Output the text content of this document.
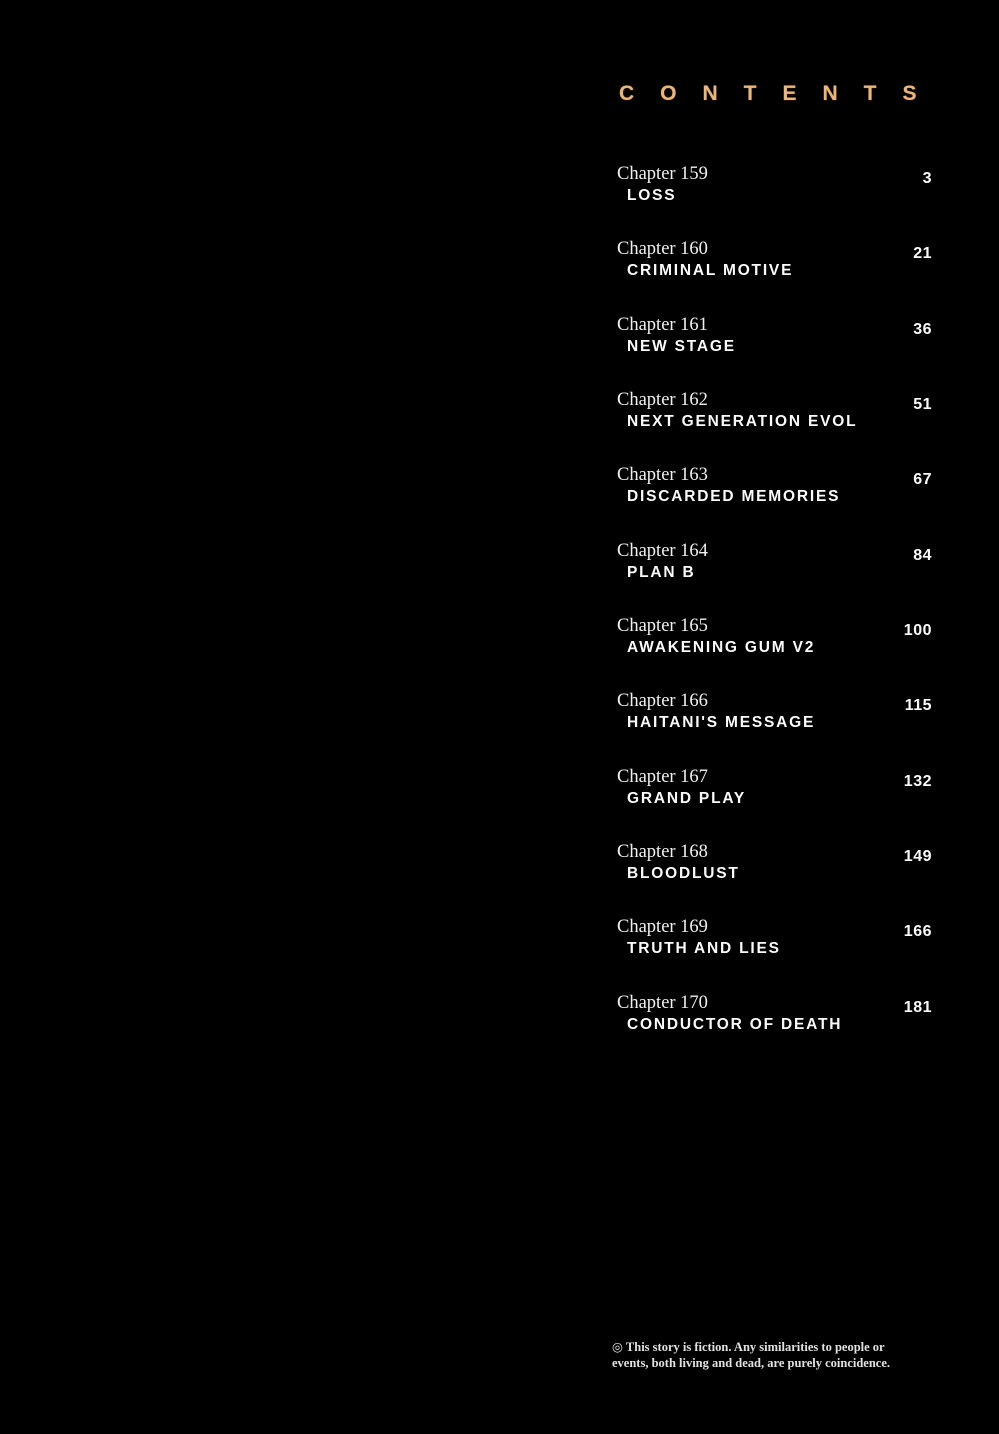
CONTENTS
Chapter 159
LOSS
3
Chapter 160
CRIMINAL MOTIVE
21
Chapter 161
NEW STAGE
36
Chapter 162
NEXT GENERATION EVOL
51
Chapter 163
DISCARDED MEMORIES
67
Chapter 164
PLAN B
84
Chapter 165
AWAKENING GUM V2
100
Chapter 166
HAITANI'S MESSAGE
115
Chapter 167
GRAND PLAY
132
Chapter 168
BLOODLUST
149
Chapter 169
TRUTH AND LIES
166
Chapter 170
CONDUCTOR OF DEATH
181
◎ This story is fiction. Any similarities to people or
events, both living and dead, are purely coincidence.
